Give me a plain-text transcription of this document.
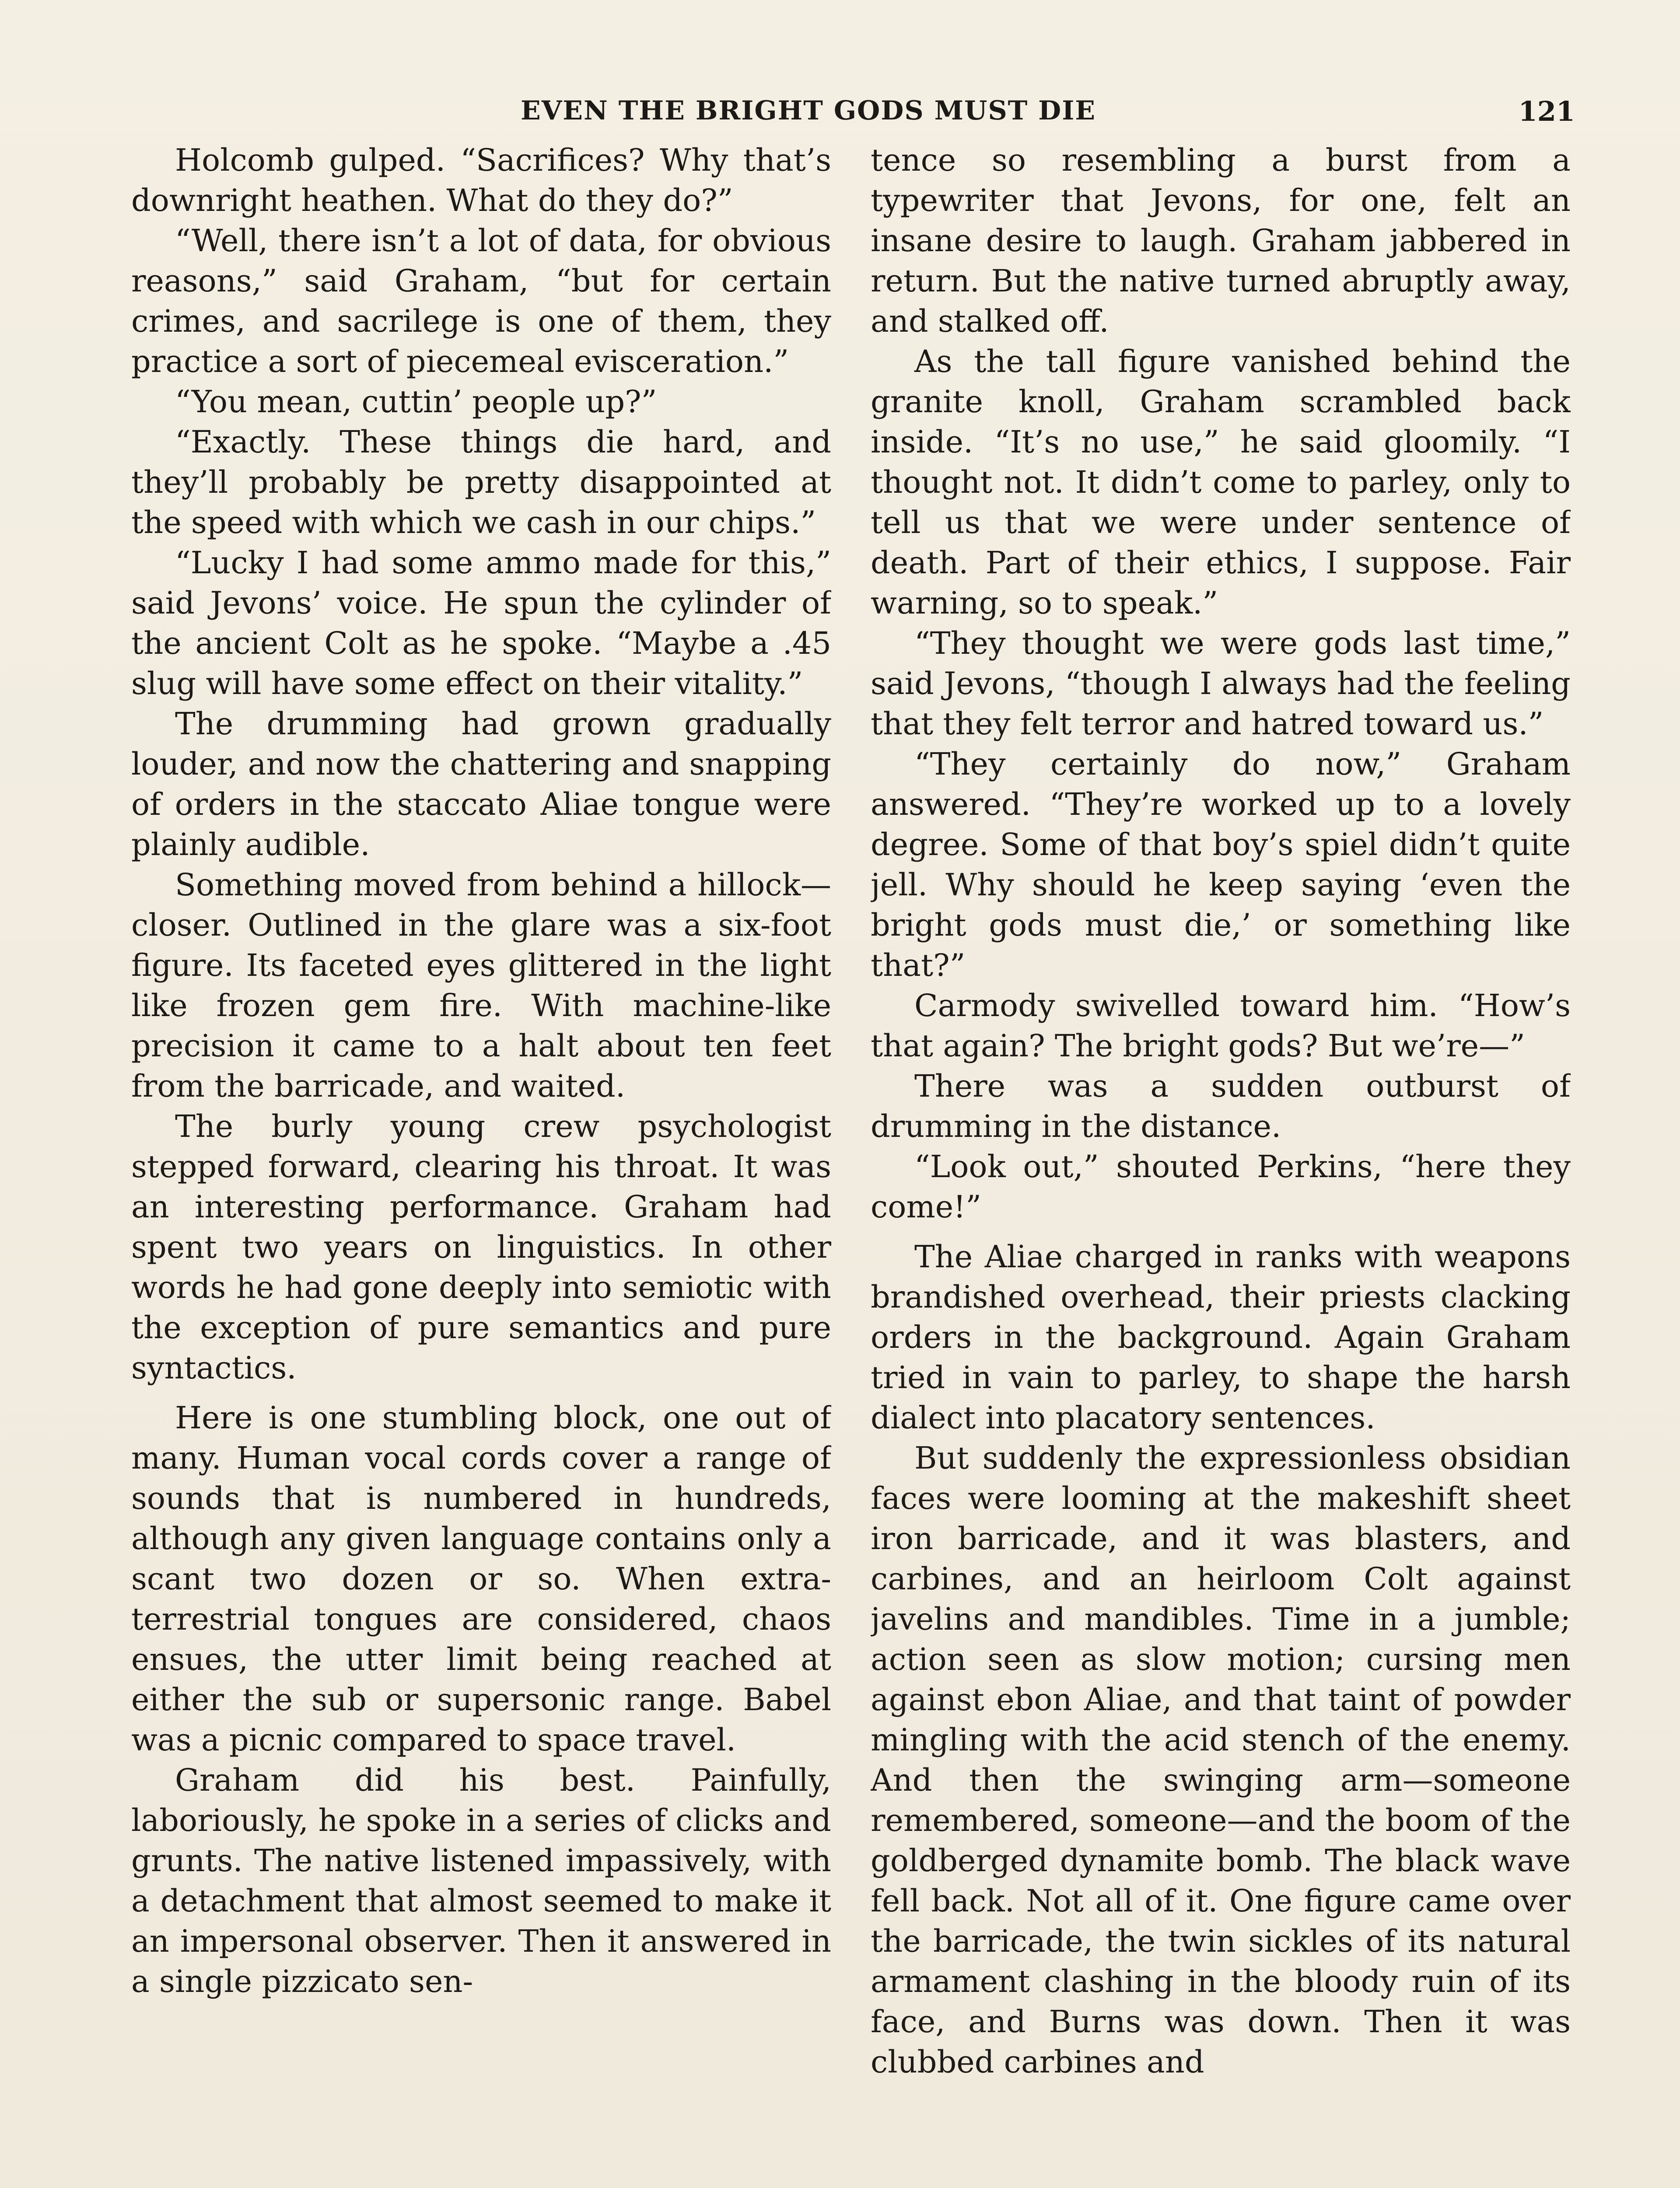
EVEN THE BRIGHT GODS MUST DIE	121

Holcomb gulped. “Sacrifices? Why that’s downright heathen. What do they do?”

“Well, there isn’t a lot of data, for obvious reasons,” said Graham, “but for certain crimes, and sacrilege is one of them, they practice a sort of piecemeal evisceration.”

“You mean, cuttin’ people up?”

“Exactly. These things die hard, and they’ll probably be pretty disappointed at the speed with which we cash in our chips.”

“Lucky I had some ammo made for this,” said Jevons’ voice. He spun the cylinder of the ancient Colt as he spoke. “Maybe a .45 slug will have some effect on their vitality.”

The drumming had grown gradually louder, and now the chattering and snapping of orders in the staccato Aliae tongue were plainly audible.

Something moved from behind a hillock—closer. Outlined in the glare was a six-foot figure. Its faceted eyes glittered in the light like frozen gem fire. With machine-like precision it came to a halt about ten feet from the barricade, and waited.

The burly young crew psychologist stepped forward, clearing his throat. It was an interesting performance. Graham had spent two years on linguistics. In other words he had gone deeply into semiotic with the exception of pure semantics and pure syntactics.

Here is one stumbling block, one out of many. Human vocal cords cover a range of sounds that is numbered in hundreds, although any given language contains only a scant two dozen or so. When extra-terrestrial tongues are considered, chaos ensues, the utter limit being reached at either the sub or supersonic range. Babel was a picnic compared to space travel.

Graham did his best. Painfully, laboriously, he spoke in a series of clicks and grunts. The native listened impassively, with a detachment that almost seemed to make it an impersonal observer. Then it answered in a single pizzicato sen-

tence so resembling a burst from a typewriter that Jevons, for one, felt an insane desire to laugh. Graham jabbered in return. But the native turned abruptly away, and stalked off.

As the tall figure vanished behind the granite knoll, Graham scrambled back inside. “It’s no use,” he said gloomily. “I thought not. It didn’t come to parley, only to tell us that we were under sentence of death. Part of their ethics, I suppose. Fair warning, so to speak.”

“They thought we were gods last time,” said Jevons, “though I always had the feeling that they felt terror and hatred toward us.”

“They certainly do now,” Graham answered. “They’re worked up to a lovely degree. Some of that boy’s spiel didn’t quite jell. Why should he keep saying ‘even the bright gods must die,’ or something like that?”

Carmody swivelled toward him. “How’s that again? The bright gods? But we’re—”

There was a sudden outburst of drumming in the distance.

“Look out,” shouted Perkins, “here they come!”

The Aliae charged in ranks with weapons brandished overhead, their priests clacking orders in the background. Again Graham tried in vain to parley, to shape the harsh dialect into placatory sentences.

But suddenly the expressionless obsidian faces were looming at the makeshift sheet iron barricade, and it was blasters, and carbines, and an heirloom Colt against javelins and mandibles. Time in a jumble; action seen as slow motion; cursing men against ebon Aliae, and that taint of powder mingling with the acid stench of the enemy. And then the swinging arm—someone remembered, someone—and the boom of the goldberged dynamite bomb. The black wave fell back. Not all of it. One figure came over the barricade, the twin sickles of its natural armament clashing in the bloody ruin of its face, and Burns was down. Then it was clubbed carbines and
